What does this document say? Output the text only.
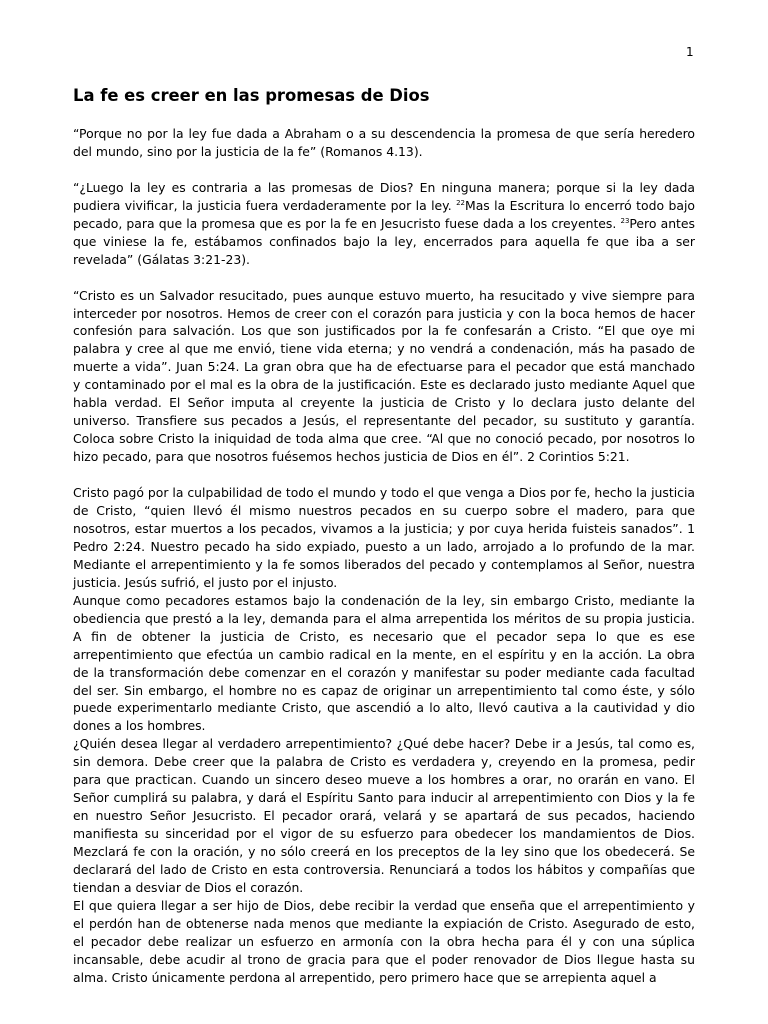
1
La fe es creer en las promesas de Dios

“Porque no por la ley fue dada a Abraham o a su descendencia la promesa de que sería heredero del mundo, sino por la justicia de la fe” (Romanos 4.13).

“¿Luego la ley es contraria a las promesas de Dios? En ninguna manera; porque si la ley dada pudiera vivificar, la justicia fuera verdaderamente por la ley. $^{22}$Mas la Escritura lo encerró todo bajo pecado, para que la promesa que es por la fe en Jesucristo fuese dada a los creyentes. $^{23}$Pero antes que viniese la fe, estábamos confinados bajo la ley, encerrados para aquella fe que iba a ser revelada” (Gálatas 3:21-23).

“Cristo es un Salvador resucitado, pues aunque estuvo muerto, ha resucitado y vive siempre para interceder por nosotros. Hemos de creer con el corazón para justicia y con la boca hemos de hacer confesión para salvación. Los que son justificados por la fe confesarán a Cristo. “El que oye mi palabra y cree al que me envió, tiene vida eterna; y no vendrá a condenación, más ha pasado de muerte a vida”. Juan 5:24. La gran obra que ha de efectuarse para el pecador que está manchado y contaminado por el mal es la obra de la justificación. Este es declarado justo mediante Aquel que habla verdad. El Señor imputa al creyente la justicia de Cristo y lo declara justo delante del universo. Transfiere sus pecados a Jesús, el representante del pecador, su sustituto y garantía. Coloca sobre Cristo la iniquidad de toda alma que cree. “Al que no conoció pecado, por nosotros lo hizo pecado, para que nosotros fuésemos hechos justicia de Dios en él”. 2 Corintios 5:21.

Cristo pagó por la culpabilidad de todo el mundo y todo el que venga a Dios por fe, hecho la justicia de Cristo, “quien llevó él mismo nuestros pecados en su cuerpo sobre el madero, para que nosotros, estar muertos a los pecados, vivamos a la justicia; y por cuya herida fuisteis sanados”. 1 Pedro 2:24. Nuestro pecado ha sido expiado, puesto a un lado, arrojado a lo profundo de la mar. Mediante el arrepentimiento y la fe somos liberados del pecado y contemplamos al Señor, nuestra justicia. Jesús sufrió, el justo por el injusto.

Aunque como pecadores estamos bajo la condenación de la ley, sin embargo Cristo, mediante la obediencia que prestó a la ley, demanda para el alma arrepentida los méritos de su propia justicia. A fin de obtener la justicia de Cristo, es necesario que el pecador sepa lo que es ese arrepentimiento que efectúa un cambio radical en la mente, en el espíritu y en la acción. La obra de la transformación debe comenzar en el corazón y manifestar su poder mediante cada facultad del ser. Sin embargo, el hombre no es capaz de originar un arrepentimiento tal como éste, y sólo puede experimentarlo mediante Cristo, que ascendió a lo alto, llevó cautiva a la cautividad y dio dones a los hombres.

¿Quién desea llegar al verdadero arrepentimiento? ¿Qué debe hacer? Debe ir a Jesús, tal como es, sin demora. Debe creer que la palabra de Cristo es verdadera y, creyendo en la promesa, pedir para que practican. Cuando un sincero deseo mueve a los hombres a orar, no orarán en vano. El Señor cumplirá su palabra, y dará el Espíritu Santo para inducir al arrepentimiento con Dios y la fe en nuestro Señor Jesucristo. El pecador orará, velará y se apartará de sus pecados, haciendo manifiesta su sinceridad por el vigor de su esfuerzo para obedecer los mandamientos de Dios. Mezclará fe con la oración, y no sólo creerá en los preceptos de la ley sino que los obedecerá. Se declarará del lado de Cristo en esta controversia. Renunciará a todos los hábitos y compañías que tiendan a desviar de Dios el corazón.

El que quiera llegar a ser hijo de Dios, debe recibir la verdad que enseña que el arrepentimiento y el perdón han de obtenerse nada menos que mediante la expiación de Cristo. Asegurado de esto, el pecador debe realizar un esfuerzo en armonía con la obra hecha para él y con una súplica incansable, debe acudir al trono de gracia para que el poder renovador de Dios llegue hasta su alma. Cristo únicamente perdona al arrepentido, pero primero hace que se arrepienta aquel a
